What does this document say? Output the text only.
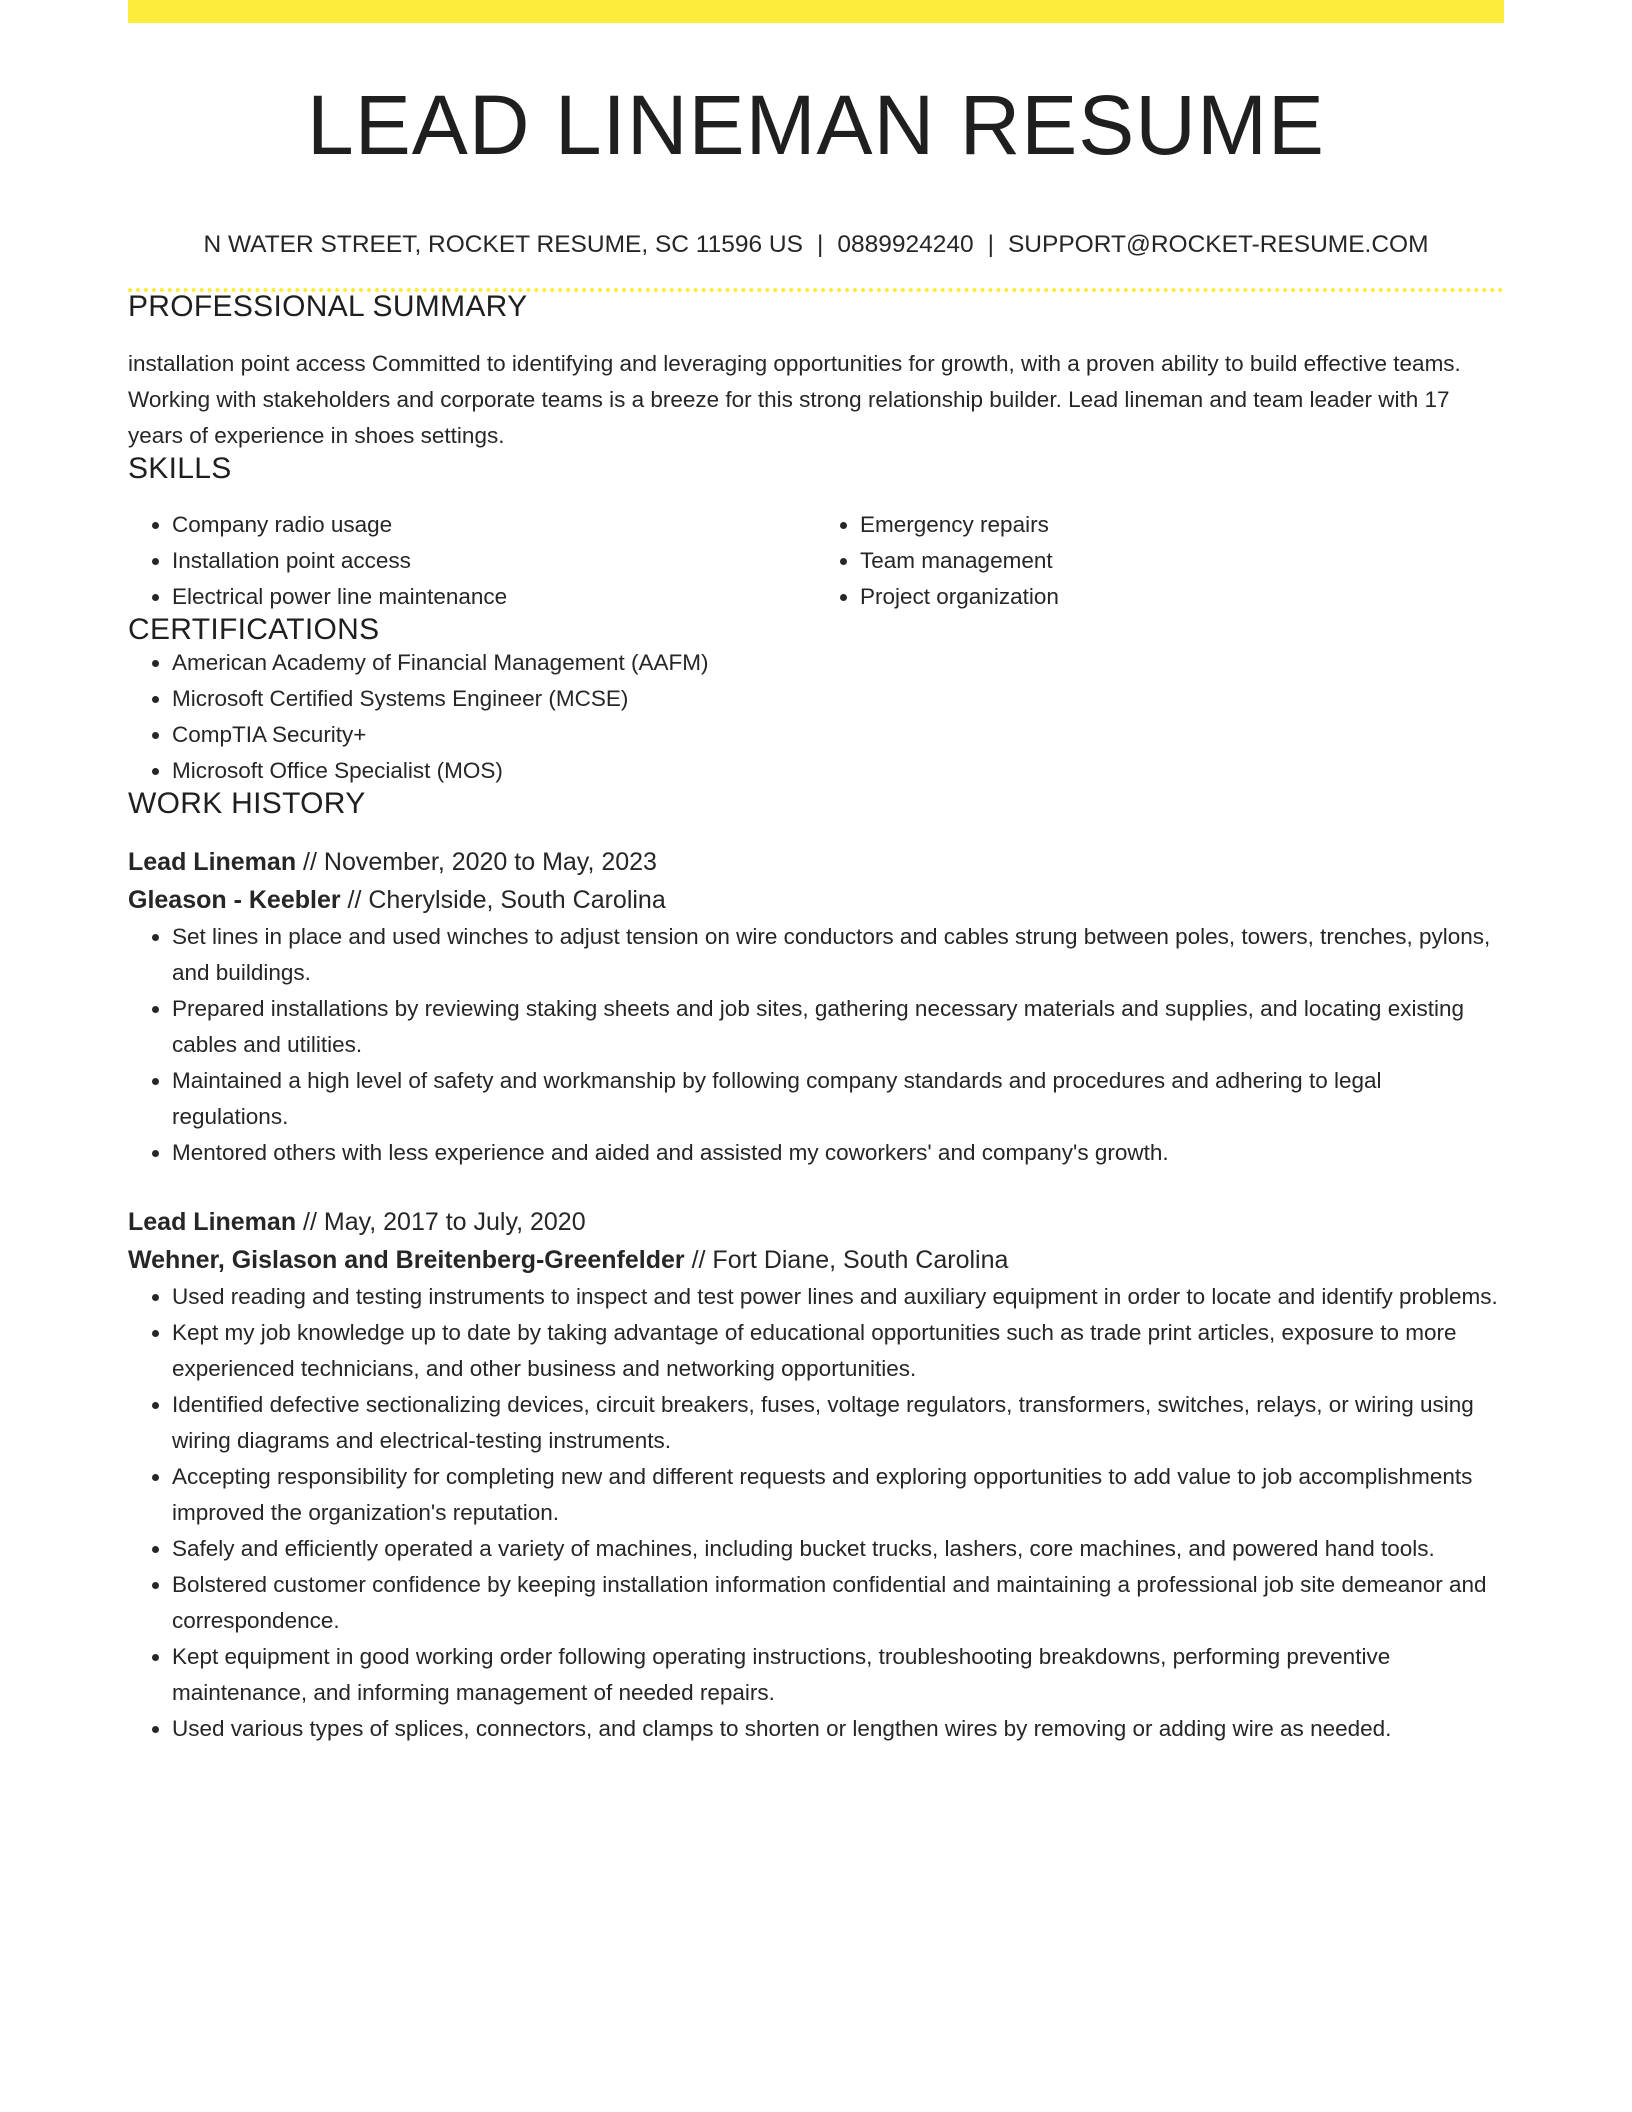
LEAD LINEMAN RESUME
N WATER STREET, ROCKET RESUME, SC 11596 US | 0889924240 | SUPPORT@ROCKET-RESUME.COM
PROFESSIONAL SUMMARY

installation point access Committed to identifying and leveraging opportunities for growth, with a proven ability to build effective teams. Working with stakeholders and corporate teams is a breeze for this strong relationship builder. Lead lineman and team leader with 17 years of experience in shoes settings.

SKILLS
• Company radio usage
• Installation point access
• Electrical power line maintenance
• Emergency repairs
• Team management
• Project organization
CERTIFICATIONS
• American Academy of Financial Management (AAFM)
• Microsoft Certified Systems Engineer (MCSE)
• CompTIA Security+
• Microsoft Office Specialist (MOS)
WORK HISTORY
Lead Lineman // November, 2020 to May, 2023
Gleason - Keebler // Cherylside, South Carolina
• Set lines in place and used winches to adjust tension on wire conductors and cables strung between poles, towers, trenches, pylons, and buildings.
• Prepared installations by reviewing staking sheets and job sites, gathering necessary materials and supplies, and locating existing cables and utilities.
• Maintained a high level of safety and workmanship by following company standards and procedures and adhering to legal regulations.
• Mentored others with less experience and aided and assisted my coworkers' and company's growth.
Lead Lineman // May, 2017 to July, 2020
Wehner, Gislason and Breitenberg-Greenfelder // Fort Diane, South Carolina
• Used reading and testing instruments to inspect and test power lines and auxiliary equipment in order to locate and identify problems.
• Kept my job knowledge up to date by taking advantage of educational opportunities such as trade print articles, exposure to more experienced technicians, and other business and networking opportunities.
• Identified defective sectionalizing devices, circuit breakers, fuses, voltage regulators, transformers, switches, relays, or wiring using wiring diagrams and electrical-testing instruments.
• Accepting responsibility for completing new and different requests and exploring opportunities to add value to job accomplishments improved the organization's reputation.
• Safely and efficiently operated a variety of machines, including bucket trucks, lashers, core machines, and powered hand tools.
• Bolstered customer confidence by keeping installation information confidential and maintaining a professional job site demeanor and correspondence.
• Kept equipment in good working order following operating instructions, troubleshooting breakdowns, performing preventive maintenance, and informing management of needed repairs.
• Used various types of splices, connectors, and clamps to shorten or lengthen wires by removing or adding wire as needed.
